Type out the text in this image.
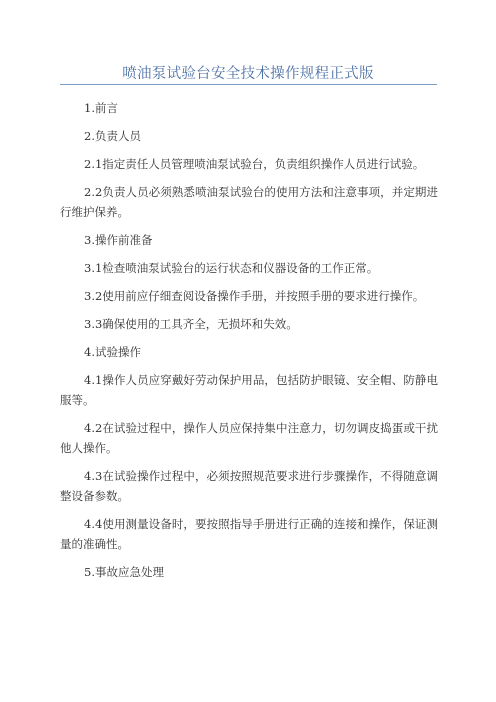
喷油泵试验台安全技术操作规程正式版

1.前言

2.负责人员

2.1指定责任人员管理喷油泵试验台，负责组织操作人员进行试验。

2.2负责人员必须熟悉喷油泵试验台的使用方法和注意事项，并定期进行维护保养。

3.操作前准备

3.1检查喷油泵试验台的运行状态和仪器设备的工作正常。

3.2使用前应仔细查阅设备操作手册，并按照手册的要求进行操作。

3.3确保使用的工具齐全，无损坏和失效。

4.试验操作

4.1操作人员应穿戴好劳动保护用品，包括防护眼镜、安全帽、防静电服等。

4.2在试验过程中，操作人员应保持集中注意力，切勿调皮捣蛋或干扰他人操作。

4.3在试验操作过程中，必须按照规范要求进行步骤操作，不得随意调整设备参数。

4.4使用测量设备时，要按照指导手册进行正确的连接和操作，保证测量的准确性。

5.事故应急处理
